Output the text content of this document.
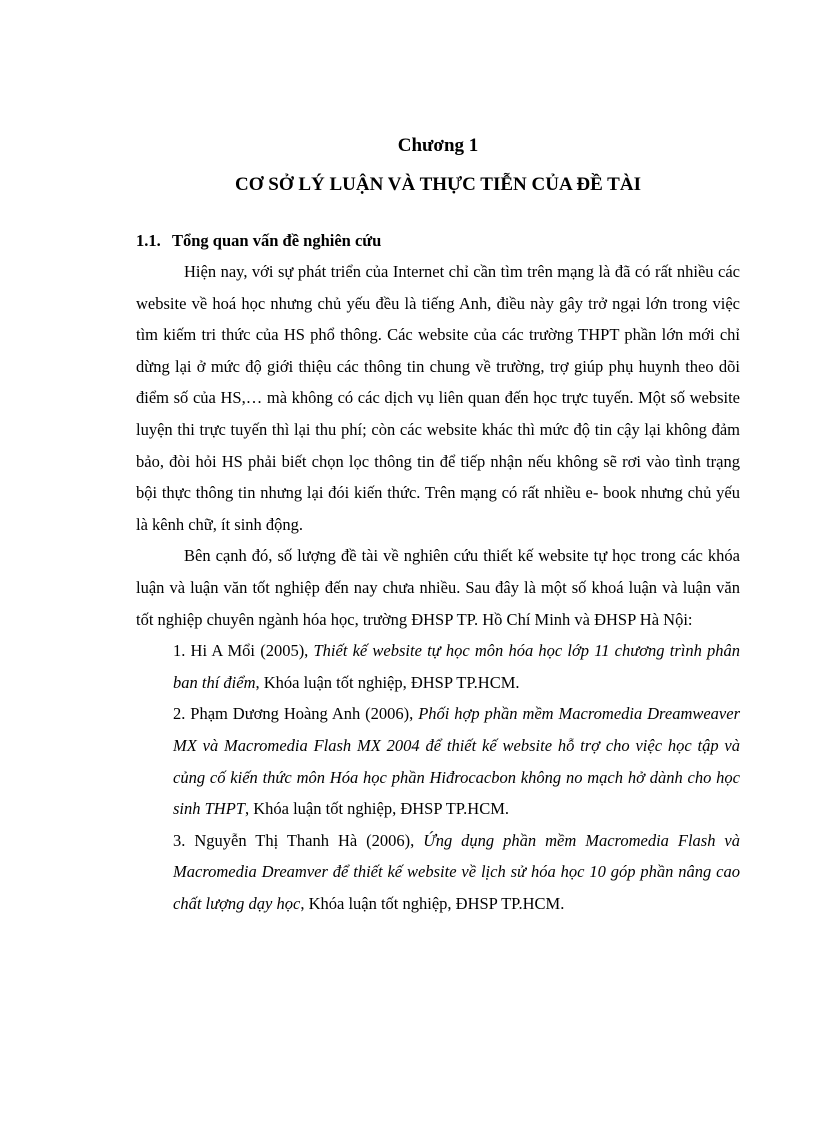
Chương 1
CƠ SỞ LÝ LUẬN VÀ THỰC TIỄN CỦA ĐỀ TÀI
1.1. Tổng quan vấn đề nghiên cứu

Hiện nay, với sự phát triển của Internet chỉ cần tìm trên mạng là đã có rất nhiều các website về hoá học nhưng chủ yếu đều là tiếng Anh, điều này gây trở ngại lớn trong việc tìm kiếm tri thức của HS phổ thông. Các website của các trường THPT phần lớn mới chỉ dừng lại ở mức độ giới thiệu các thông tin chung về trường, trợ giúp phụ huynh theo dõi điểm số của HS,… mà không có các dịch vụ liên quan đến học trực tuyến. Một số website luyện thi trực tuyến thì lại thu phí; còn các website khác thì mức độ tin cậy lại không đảm bảo, đòi hỏi HS phải biết chọn lọc thông tin để tiếp nhận nếu không sẽ rơi vào tình trạng bội thực thông tin nhưng lại đói kiến thức. Trên mạng có rất nhiều e- book nhưng chủ yếu là kênh chữ, ít sinh động.

Bên cạnh đó, số lượng đề tài về nghiên cứu thiết kế website tự học trong các khóa luận và luận văn tốt nghiệp đến nay chưa nhiều. Sau đây là một số khoá luận và luận văn tốt nghiệp chuyên ngành hóa học, trường ĐHSP TP. Hồ Chí Minh và ĐHSP Hà Nội:

1. Hi A Mổi (2005), Thiết kế website tự học môn hóa học lớp 11 chương trình phân ban thí điểm, Khóa luận tốt nghiệp, ĐHSP TP.HCM.

2. Phạm Dương Hoàng Anh (2006), Phối hợp phần mềm Macromedia Dreamweaver MX và Macromedia Flash MX 2004 để thiết kế website hỗ trợ cho việc học tập và củng cố kiến thức môn Hóa học phần Hiđrocacbon không no mạch hở dành cho học sinh THPT, Khóa luận tốt nghiệp, ĐHSP TP.HCM.

3. Nguyễn Thị Thanh Hà (2006), Ứng dụng phần mềm Macromedia Flash và Macromedia Dreamver để thiết kế website về lịch sử hóa học 10 góp phần nâng cao chất lượng dạy học, Khóa luận tốt nghiệp, ĐHSP TP.HCM.
